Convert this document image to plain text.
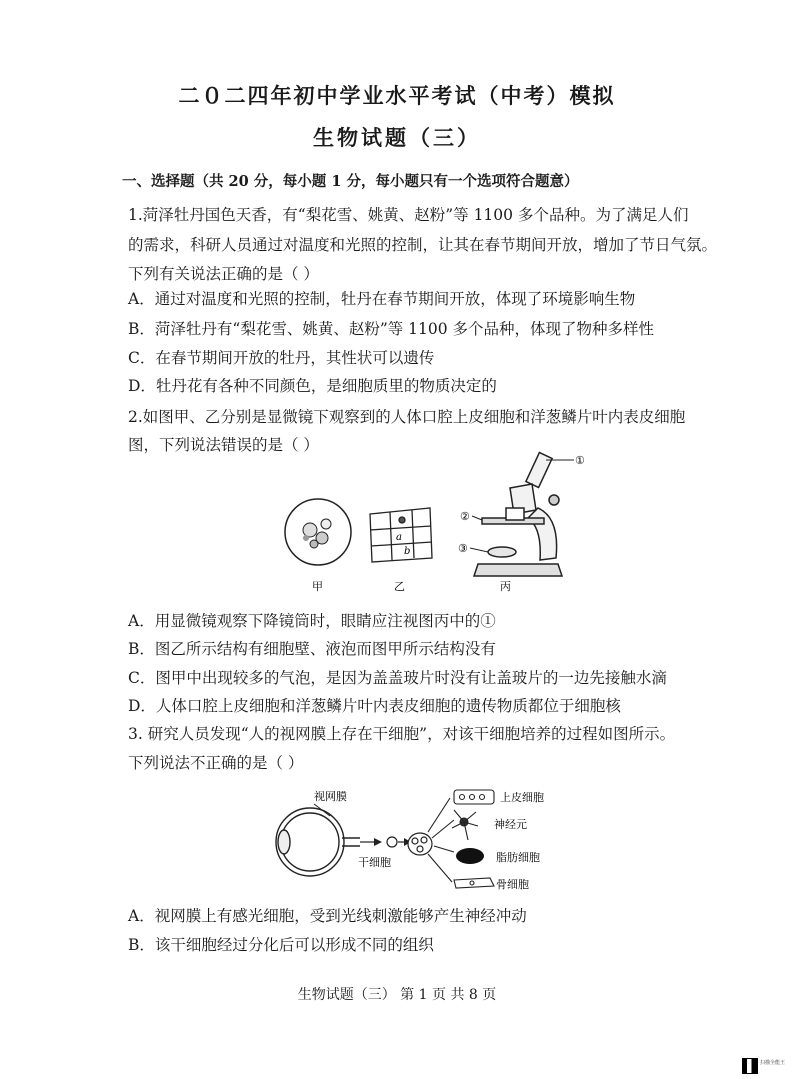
二０二四年初中学业水平考试（中考）模拟
生物试题（三）
一、选择题（共 20 分，每小题 1 分，每小题只有一个选项符合题意）
1.菏泽牡丹国色天香，有“梨花雪、姚黄、赵粉”等 1100 多个品种。为了满足人们
的需求，科研人员通过对温度和光照的控制，让其在春节期间开放，增加了节日气氛。
下列有关说法正确的是（ ）
A．通过对温度和光照的控制，牡丹在春节期间开放，体现了环境影响生物
B．菏泽牡丹有“梨花雪、姚黄、赵粉”等 1100 多个品种，体现了物种多样性
C．在春节期间开放的牡丹，其性状可以遗传
D．牡丹花有各种不同颜色，是细胞质里的物质决定的
2.如图甲、乙分别是显微镜下观察到的人体口腔上皮细胞和洋葱鳞片叶内表皮细胞
图，下列说法错误的是（ ）
a
b
①
②
③
甲	乙	丙
A．用显微镜观察下降镜筒时，眼睛应注视图丙中的①
B．图乙所示结构有细胞壁、液泡而图甲所示结构没有
C．图甲中出现较多的气泡，是因为盖盖玻片时没有让盖玻片的一边先接触水滴
D．人体口腔上皮细胞和洋葱鳞片叶内表皮细胞的遗传物质都位于细胞核
3. 研究人员发现“人的视网膜上存在干细胞”，对该干细胞培养的过程如图所示。
下列说法不正确的是（ ）
视网膜
干细胞
上皮细胞
神经元
脂肪细胞
骨细胞
A．视网膜上有感光细胞，受到光线刺激能够产生神经冲动
B．该干细胞经过分化后可以形成不同的组织
生物试题（三） 第 1 页 共 8 页
扫描全能王
